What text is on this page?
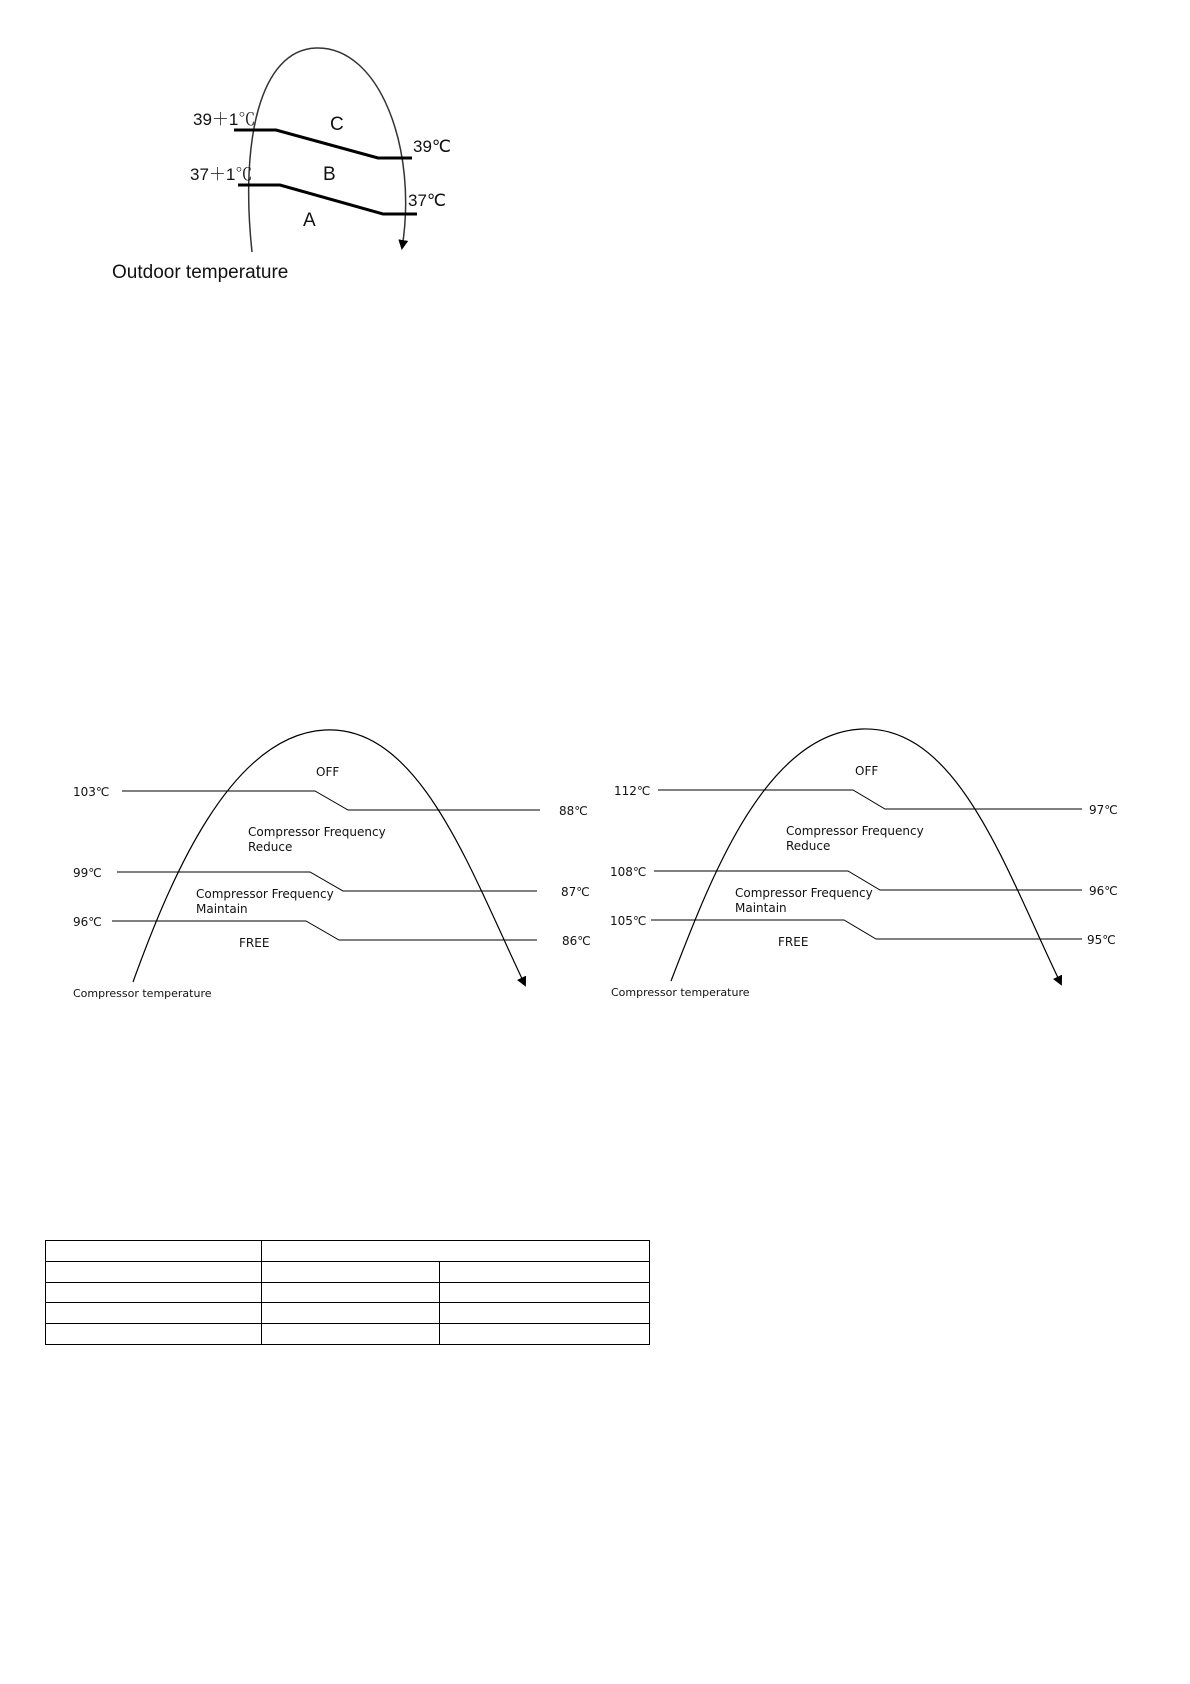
39＋1℃
39℃
37＋1℃
37℃
C
B
A
Outdoor temperature
103℃
99℃
96℃
88℃
87℃
86℃
OFF
Compressor Frequency
Reduce
Compressor Frequency
Maintain
FREE
Compressor temperature
112℃
108℃
105℃
97℃
96℃
95℃
OFF
Compressor Frequency
Reduce
Compressor Frequency
Maintain
FREE
Compressor temperature
